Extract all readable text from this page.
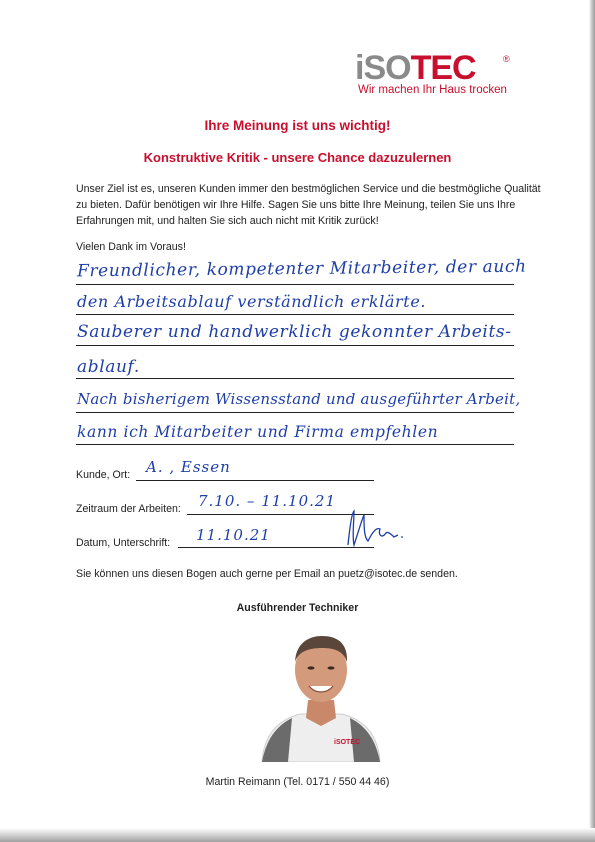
iSOTEC	®
Wir machen Ihr Haus trocken
Ihre Meinung ist uns wichtig!
Konstruktive Kritik - unsere Chance dazuzulernen
Unser Ziel ist es, unseren Kunden immer den bestmöglichen Service und die bestmögliche Qualität zu bieten. Dafür benötigen wir Ihre Hilfe. Sagen Sie uns bitte Ihre Meinung, teilen Sie uns Ihre Erfahrungen mit, und halten Sie sich auch nicht mit Kritik zurück!
Vielen Dank im Voraus!
Freundlicher, kompetenter Mitarbeiter, der auch
den Arbeitsablauf verständlich erklärte.
Sauberer und handwerklich gekonnter Arbeits-
ablauf.
Nach bisherigem Wissensstand und ausgeführter Arbeit,
kann ich Mitarbeiter und Firma empfehlen
Kunde, Ort: A. , Essen
Zeitraum der Arbeiten: 7.10. – 11.10.21
Datum, Unterschrift: 11.10.21
Sie können uns diesen Bogen auch gerne per Email an puetz@isotec.de senden.
Ausführender Techniker
iSOTEC
Martin Reimann (Tel. 0171 / 550 44 46)
